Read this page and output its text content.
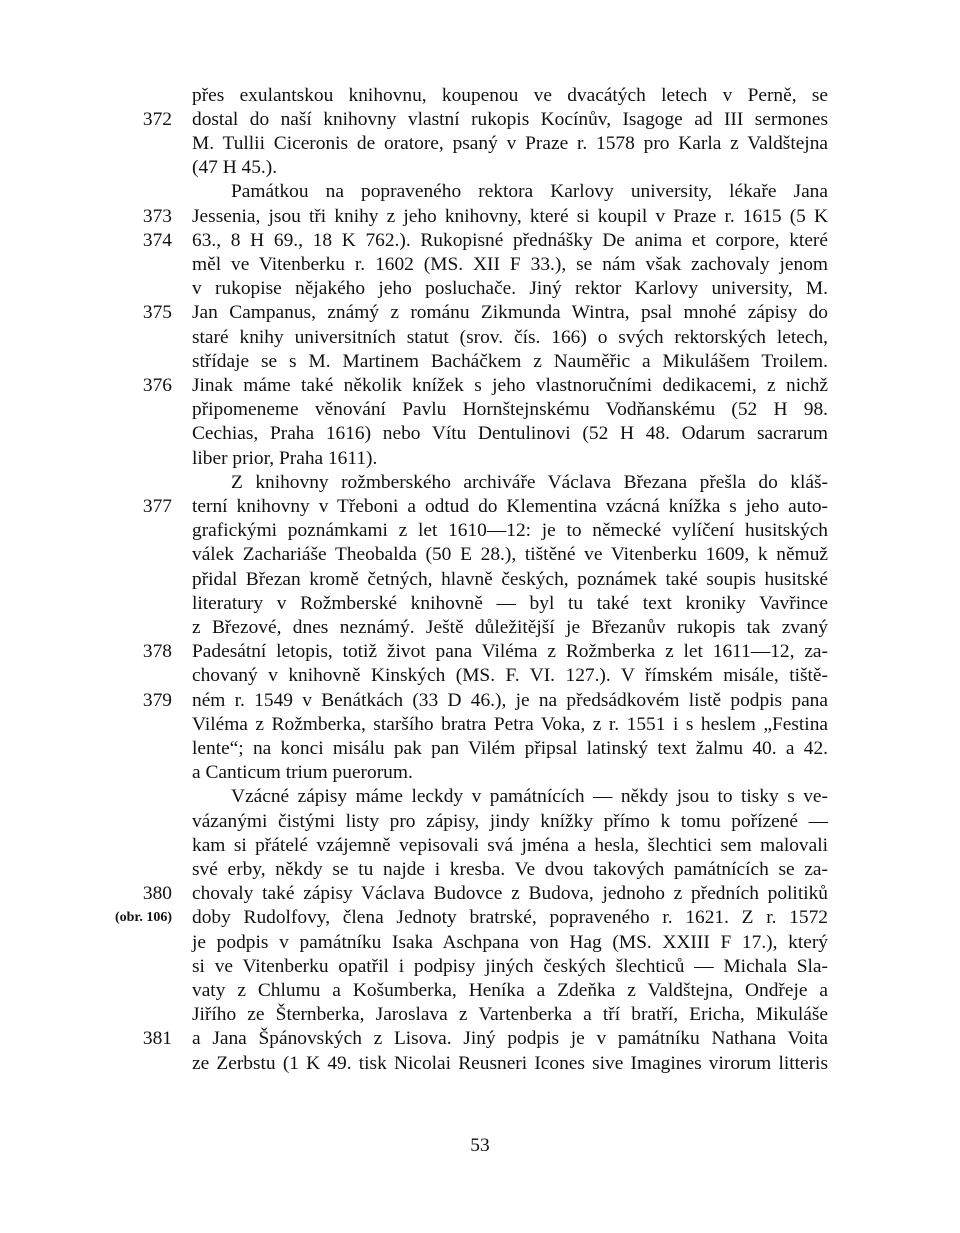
přes exulantskou knihovnu, koupenou ve dvacátých letech v Perně, se
dostal do naší knihovny vlastní rukopis Kocínův, Isagoge ad III sermones
M. Tullii Ciceronis de oratore, psaný v Praze r. 1578 pro Karla z Valdštejna
(47 H 45.).
Památkou na popraveného rektora Karlovy university, lékaře Jana
Jessenia, jsou tři knihy z jeho knihovny, které si koupil v Praze r. 1615 (5 K
63., 8 H 69., 18 K 762.). Rukopisné přednášky De anima et corpore, které
měl ve Vitenberku r. 1602 (MS. XII F 33.), se nám však zachovaly jenom
v rukopise nějakého jeho posluchače. Jiný rektor Karlovy university, M.
Jan Campanus, známý z románu Zikmunda Wintra, psal mnohé zápisy do
staré knihy universitních statut (srov. čís. 166) o svých rektorských letech,
střídaje se s M. Martinem Bacháčkem z Nauměřic a Mikulášem Troilem.
Jinak máme také několik knížek s jeho vlastnoručními dedikacemi, z nichž
připomeneme věnování Pavlu Hornštejnskému Vodňanskému (52 H 98.
Cechias, Praha 1616) nebo Vítu Dentulinovi (52 H 48. Odarum sacrarum
liber prior, Praha 1611).
Z knihovny rožmberského archiváře Václava Březana přešla do kláš-
terní knihovny v Třeboni a odtud do Klementina vzácná knížka s jeho auto-
grafickými poznámkami z let 1610—12: je to německé vylíčení husitských
válek Zachariáše Theobalda (50 E 28.), tištěné ve Vitenberku 1609, k němuž
přidal Březan kromě četných, hlavně českých, poznámek také soupis husitské
literatury v Rožmberské knihovně — byl tu také text kroniky Vavřince
z Březové, dnes neznámý. Ještě důležitější je Březanův rukopis tak zvaný
Padesátní letopis, totiž život pana Viléma z Rožmberka z let 1611—12, za-
chovaný v knihovně Kinských (MS. F. VI. 127.). V římském misále, tiště-
ném r. 1549 v Benátkách (33 D 46.), je na předsádkovém listě podpis pana
Viléma z Rožmberka, staršího bratra Petra Voka, z r. 1551 i s heslem „Festina
lente“; na konci misálu pak pan Vilém připsal latinský text žalmu 40. a 42.
a Canticum trium puerorum.
Vzácné zápisy máme leckdy v památnících — někdy jsou to tisky s ve-
vázanými čistými listy pro zápisy, jindy knížky přímo k tomu pořízené —
kam si přátelé vzájemně vepisovali svá jména a hesla, šlechtici sem malovali
své erby, někdy se tu najde i kresba. Ve dvou takových památnících se za-
chovaly také zápisy Václava Budovce z Budova, jednoho z předních politiků
doby Rudolfovy, člena Jednoty bratrské, popraveného r. 1621. Z r. 1572
je podpis v památníku Isaka Aschpana von Hag (MS. XXIII F 17.), který
si ve Vitenberku opatřil i podpisy jiných českých šlechticů — Michala Sla-
vaty z Chlumu a Košumberka, Heníka a Zdeňka z Valdštejna, Ondřeje a
Jiřího ze Šternberka, Jaroslava z Vartenberka a tří bratří, Ericha, Mikuláše
a Jana Špánovských z Lisova. Jiný podpis je v památníku Nathana Voita
ze Zerbstu (1 K 49. tisk Nicolai Reusneri Icones sive Imagines virorum litteris
372
373
374
375
376
377
378
379
380
(obr. 106)
381
53
